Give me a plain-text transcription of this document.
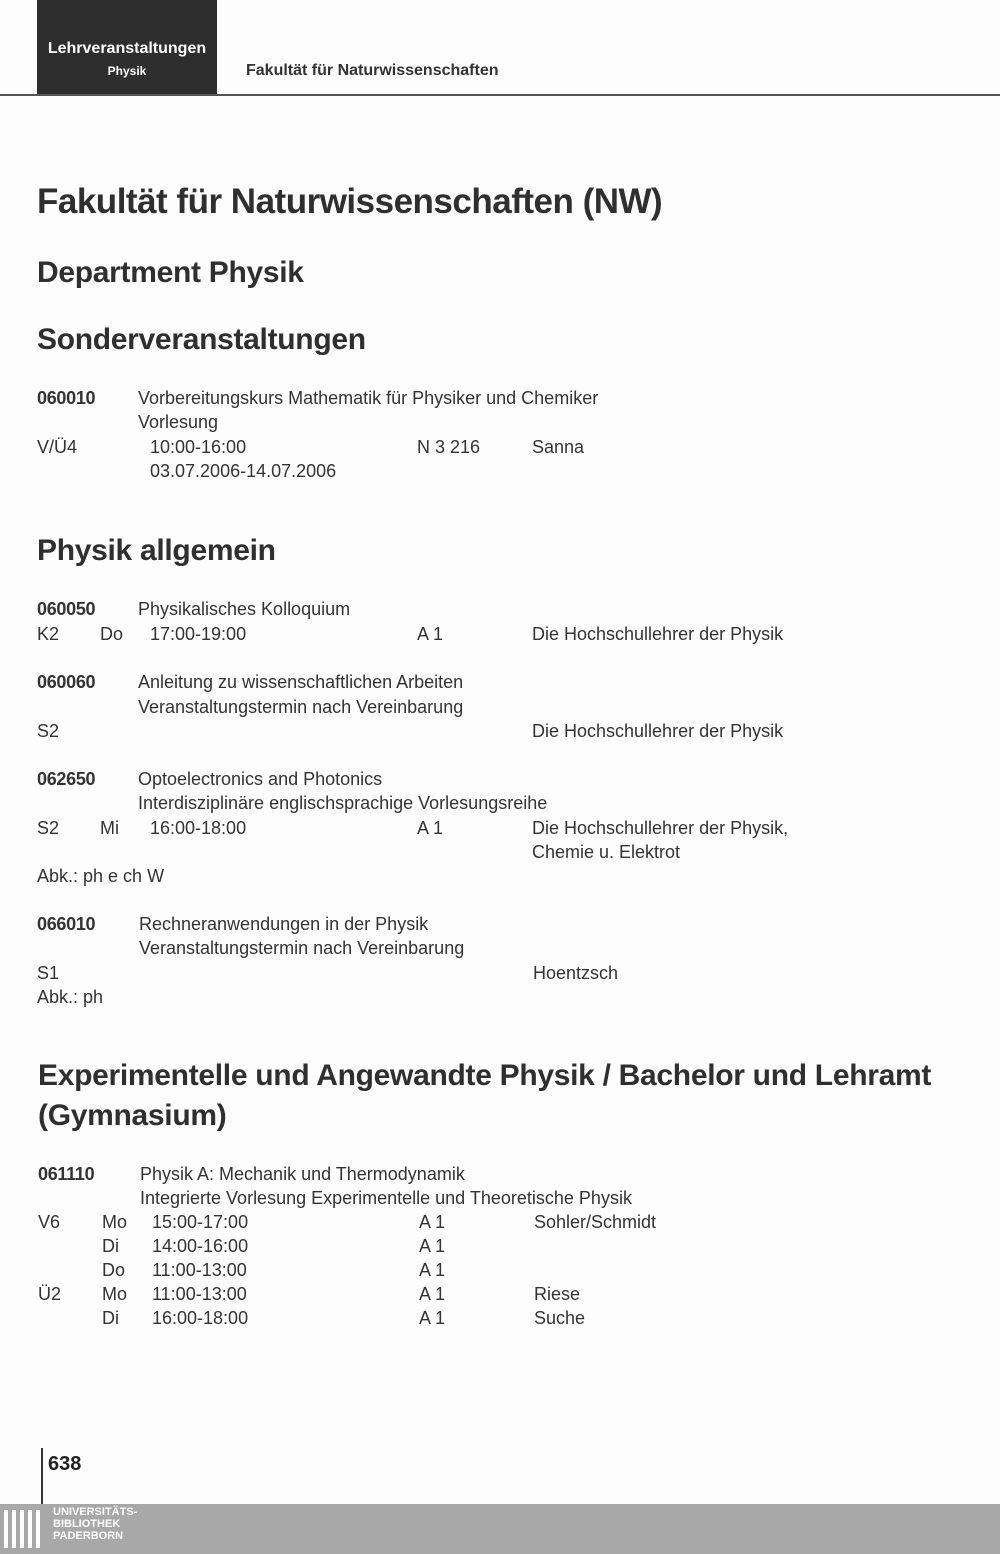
Lehrveranstaltungen
Physik	Fakultät für Naturwissenschaften
Fakultät für Naturwissenschaften (NW)
Department Physik
Sonderveranstaltungen
060010 Vorbereitungskurs Mathematik für Physiker und Chemiker
Vorlesung
V/Ü4	10:00-16:00	N 3 216	Sanna
03.07.2006-14.07.2006
Physik allgemein
060050 Physikalisches Kolloquium
K2 Do 17:00-19:00	A 1	Die Hochschullehrer der Physik
060060 Anleitung zu wissenschaftlichen Arbeiten
Veranstaltungstermin nach Vereinbarung
S2	Die Hochschullehrer der Physik
062650 Optoelectronics and Photonics
Interdisziplinäre englischsprachige Vorlesungsreihe
S2 Mi 16:00-18:00	A 1	Die Hochschullehrer der Physik,
Chemie u. Elektrot
Abk.: ph e ch W
066010 Rechneranwendungen in der Physik
Veranstaltungstermin nach Vereinbarung
S1	Hoentzsch
Abk.: ph
Experimentelle und Angewandte Physik / Bachelor und Lehramt (Gymnasium)
061110	Physik A: Mechanik und Thermodynamik
Integrierte Vorlesung Experimentelle und Theoretische Physik
V6 Mo 15:00-17:00	A 1	Sohler/Schmidt
Di 14:00-16:00	A 1
Do 11:00-13:00	A 1
Ü2 Mo 11:00-13:00	A 1	Riese
Di 16:00-18:00	A 1	Suche
638
UNIVERSITÄTS-
BIBLIOTHEK
PADERBORN
